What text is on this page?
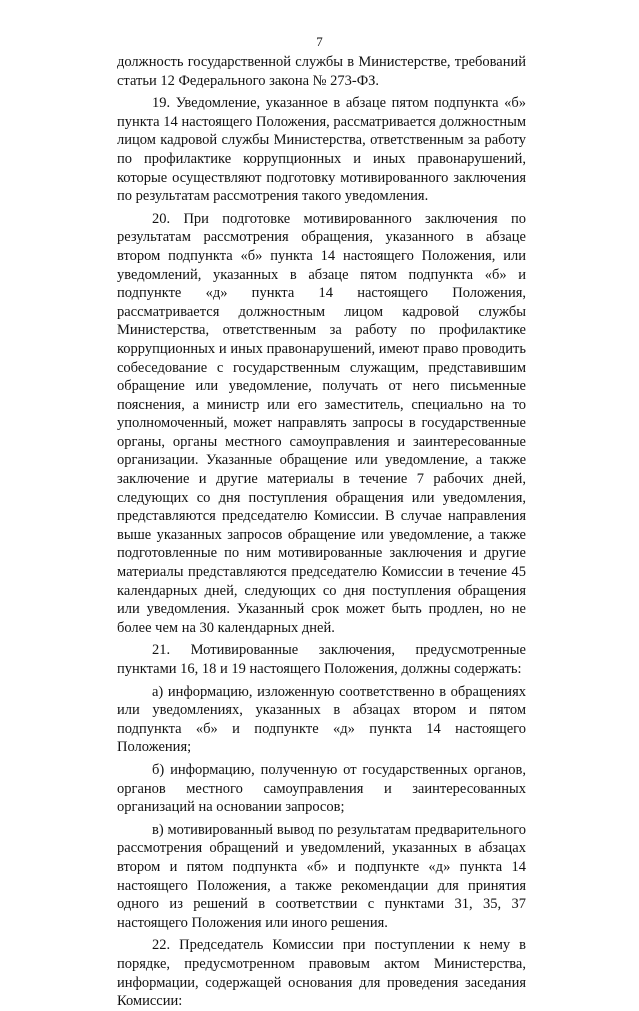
7

должность государственной службы в Министерстве, требований статьи 12 Федерального закона № 273-ФЗ.

19. Уведомление, указанное в абзаце пятом подпункта «б» пункта 14 настоящего Положения, рассматривается должностным лицом кадровой службы Министерства, ответственным за работу по профилактике коррупционных и иных правонарушений, которые осуществляют подготовку мотивированного заключения по результатам рассмотрения такого уведомления.

20. При подготовке мотивированного заключения по результатам рассмотрения обращения, указанного в абзаце втором подпункта «б» пункта 14 настоящего Положения, или уведомлений, указанных в абзаце пятом подпункта «б» и подпункте «д» пункта 14 настоящего Положения, рассматривается должностным лицом кадровой службы Министерства, ответственным за работу по профилактике коррупционных и иных правонарушений, имеют право проводить собеседование с государственным служащим, представившим обращение или уведомление, получать от него письменные пояснения, а министр или его заместитель, специально на то уполномоченный, может направлять запросы в государственные органы, органы местного самоуправления и заинтересованные организации. Указанные обращение или уведомление, а также заключение и другие материалы в течение 7 рабочих дней, следующих со дня поступления обращения или уведомления, представляются председателю Комиссии. В случае направления выше указанных запросов обращение или уведомление, а также подготовленные по ним мотивированные заключения и другие материалы представляются председателю Комиссии в течение 45 календарных дней, следующих со дня поступления обращения или уведомления. Указанный срок может быть продлен, но не более чем на 30 календарных дней.

21. Мотивированные заключения, предусмотренные пунктами 16, 18 и 19 настоящего Положения, должны содержать:

а) информацию, изложенную соответственно в обращениях или уведомлениях, указанных в абзацах втором и пятом подпункта «б» и подпункте «д» пункта 14 настоящего Положения;

б) информацию, полученную от государственных органов, органов местного самоуправления и заинтересованных организаций на основании запросов;

в) мотивированный вывод по результатам предварительного рассмотрения обращений и уведомлений, указанных в абзацах втором и пятом подпункта «б» и подпункте «д» пункта 14 настоящего Положения, а также рекомендации для принятия одного из решений в соответствии с пунктами 31, 35, 37 настоящего Положения или иного решения.

22. Председатель Комиссии при поступлении к нему в порядке, предусмотренном правовым актом Министерства, информации, содержащей основания для проведения заседания Комиссии:
